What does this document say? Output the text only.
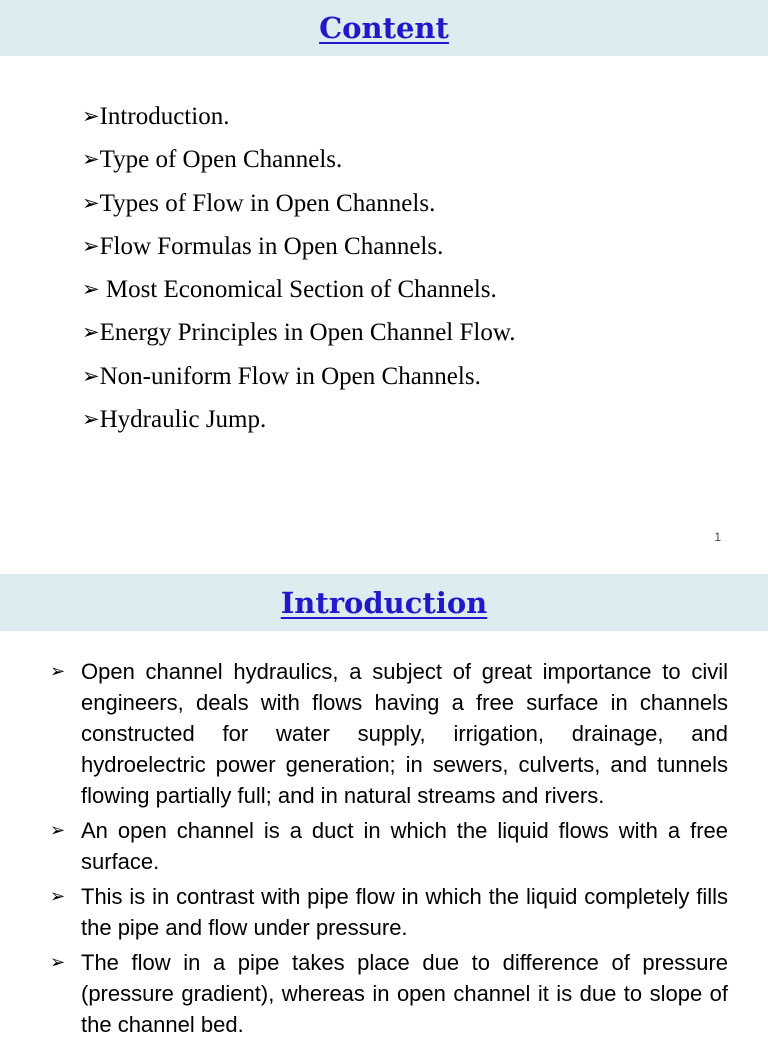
Content
➢Introduction.
➢Type of Open Channels.
➢Types of Flow in Open Channels.
➢Flow Formulas in Open Channels.
➢ Most Economical Section of Channels.
➢Energy Principles in Open Channel Flow.
➢Non-uniform Flow in Open Channels.
➢Hydraulic Jump.
1
Introduction
➢ Open channel hydraulics, a subject of great importance to civil engineers, deals with flows having a free surface in channels constructed for water supply, irrigation, drainage, and hydroelectric power generation; in sewers, culverts, and tunnels flowing partially full; and in natural streams and rivers.
➢ An open channel is a duct in which the liquid flows with a free surface.
➢ This is in contrast with pipe flow in which the liquid completely fills the pipe and flow under pressure.
➢ The flow in a pipe takes place due to difference of pressure (pressure gradient), whereas in open channel it is due to slope of the channel bed.
